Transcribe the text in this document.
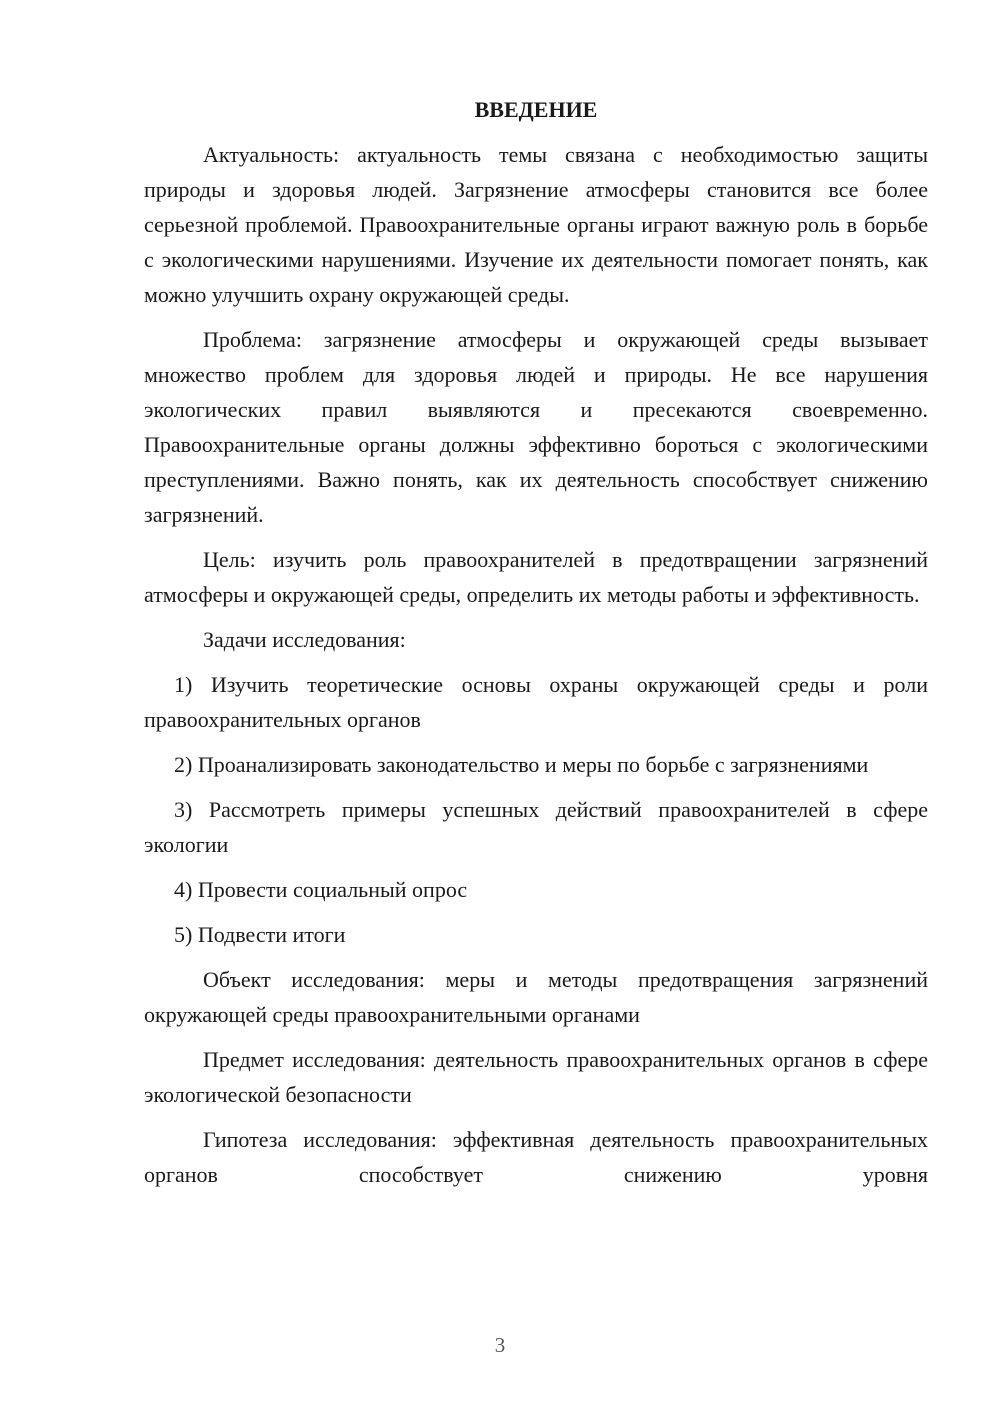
ВВЕДЕНИЕ

Актуальность: актуальность темы связана с необходимостью защиты природы и здоровья людей. Загрязнение атмосферы становится все более серьезной проблемой. Правоохранительные органы играют важную роль в борьбе с экологическими нарушениями. Изучение их деятельности помогает понять, как можно улучшить охрану окружающей среды.

Проблема: загрязнение атмосферы и окружающей среды вызывает множество проблем для здоровья людей и природы. Не все нарушения экологических правил выявляются и пресекаются своевременно. Правоохранительные органы должны эффективно бороться с экологическими преступлениями. Важно понять, как их деятельность способствует снижению загрязнений.

Цель: изучить роль правоохранителей в предотвращении загрязнений атмосферы и окружающей среды, определить их методы работы и эффективность.

Задачи исследования:

1) Изучить теоретические основы охраны окружающей среды и роли правоохранительных органов

2) Проанализировать законодательство и меры по борьбе с загрязнениями

3) Рассмотреть примеры успешных действий правоохранителей в сфере экологии

4) Провести социальный опрос

5) Подвести итоги

Объект исследования: меры и методы предотвращения загрязнений окружающей среды правоохранительными органами

Предмет исследования: деятельность правоохранительных органов в сфере экологической безопасности

Гипотеза исследования: эффективная деятельность правоохранительных органов способствует снижению уровня

3
